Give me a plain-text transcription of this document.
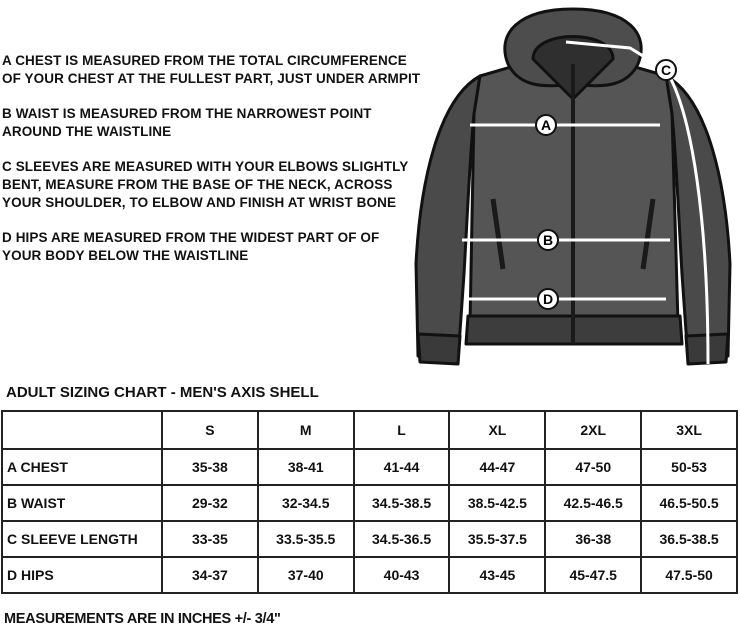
A CHEST IS MEASURED FROM THE TOTAL CIRCUMFERENCE OF YOUR CHEST AT THE FULLEST PART, JUST UNDER ARMPIT

B WAIST IS MEASURED FROM THE NARROWEST POINT AROUND THE WAISTLINE

C SLEEVES ARE MEASURED WITH YOUR ELBOWS SLIGHTLY BENT, MEASURE FROM THE BASE OF THE NECK, ACROSS YOUR SHOULDER, TO ELBOW AND FINISH AT WRIST BONE

D HIPS ARE MEASURED FROM THE WIDEST PART OF OF YOUR BODY BELOW THE WAISTLINE

A
B
C
D
ADULT SIZING CHART - MEN'S AXIS SHELL
	S	M	L	XL	2XL	3XL
A CHEST	35-38	38-41	41-44	44-47	47-50	50-53
B WAIST	29-32	32-34.5	34.5-38.5	38.5-42.5	42.5-46.5	46.5-50.5
C SLEEVE LENGTH	33-35	33.5-35.5	34.5-36.5	35.5-37.5	36-38	36.5-38.5
D HIPS	34-37	37-40	40-43	43-45	45-47.5	47.5-50
MEASUREMENTS ARE IN INCHES +/- 3/4"
